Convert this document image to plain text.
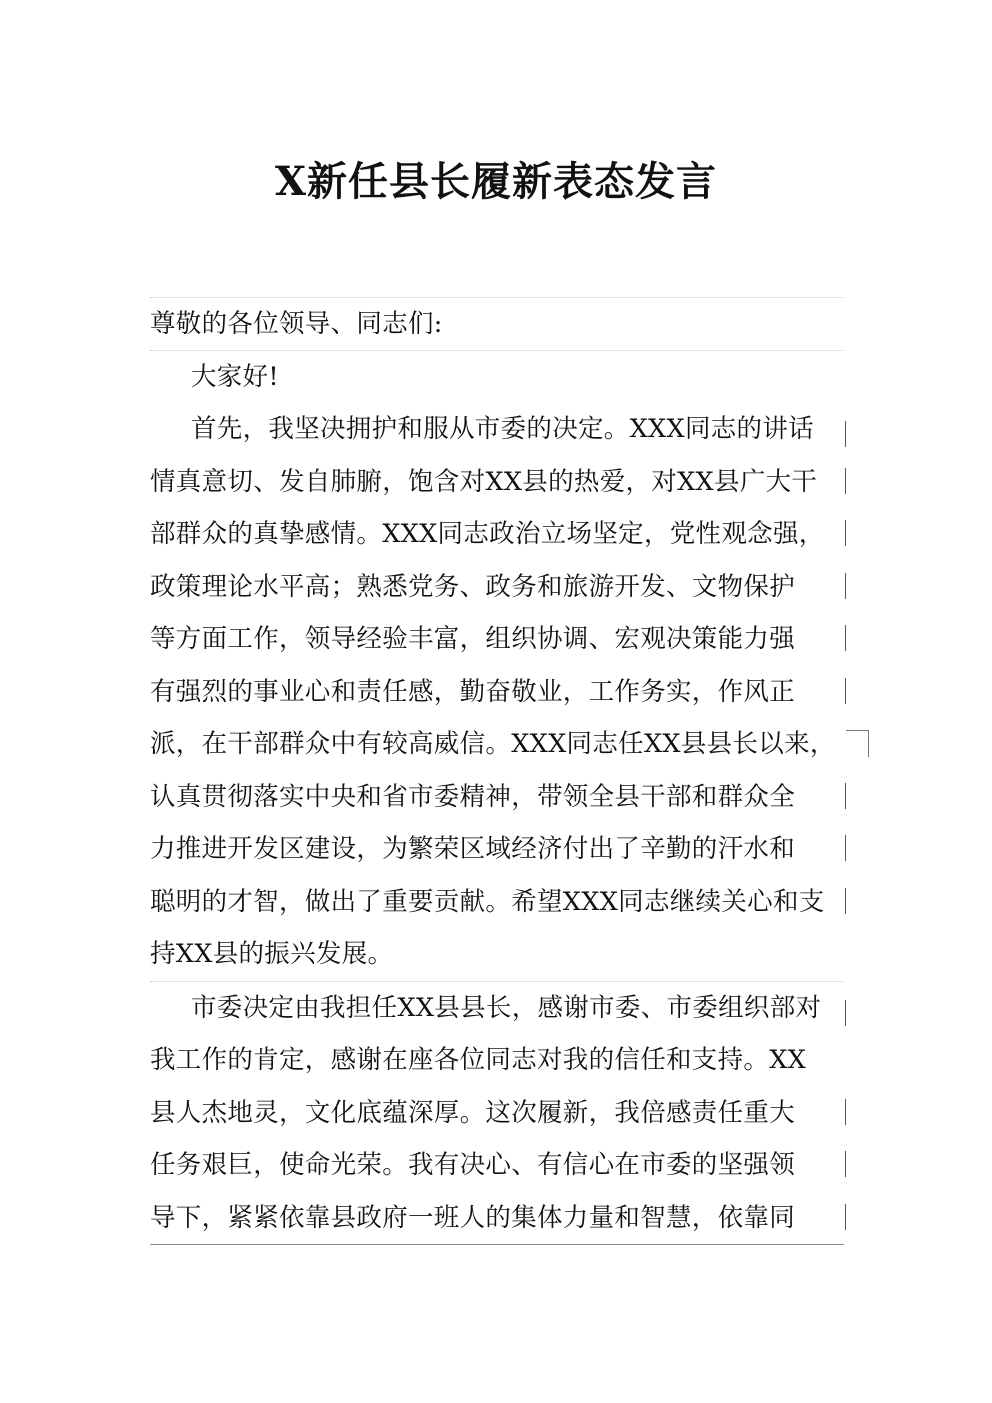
X新任县长履新表态发言
尊敬的各位领导、同志们:
大家好!
首先，我坚决拥护和服从市委的决定。XXX同志的讲话
情真意切、发自肺腑，饱含对XX县的热爱，对XX县广大干
部群众的真挚感情。XXX同志政治立场坚定，党性观念强，
政策理论水平高；熟悉党务、政务和旅游开发、文物保护
等方面工作，领导经验丰富，组织协调、宏观决策能力强
有强烈的事业心和责任感，勤奋敬业，工作务实，作风正
派，在干部群众中有较高威信。XXX同志任XX县县长以来，
认真贯彻落实中央和省市委精神，带领全县干部和群众全
力推进开发区建设，为繁荣区域经济付出了辛勤的汗水和
聪明的才智，做出了重要贡献。希望XXX同志继续关心和支
持XX县的振兴发展。
市委决定由我担任XX县县长，感谢市委、市委组织部对
我工作的肯定，感谢在座各位同志对我的信任和支持。XX
县人杰地灵，文化底蕴深厚。这次履新，我倍感责任重大
任务艰巨，使命光荣。我有决心、有信心在市委的坚强领
导下，紧紧依靠县政府一班人的集体力量和智慧，依靠同
